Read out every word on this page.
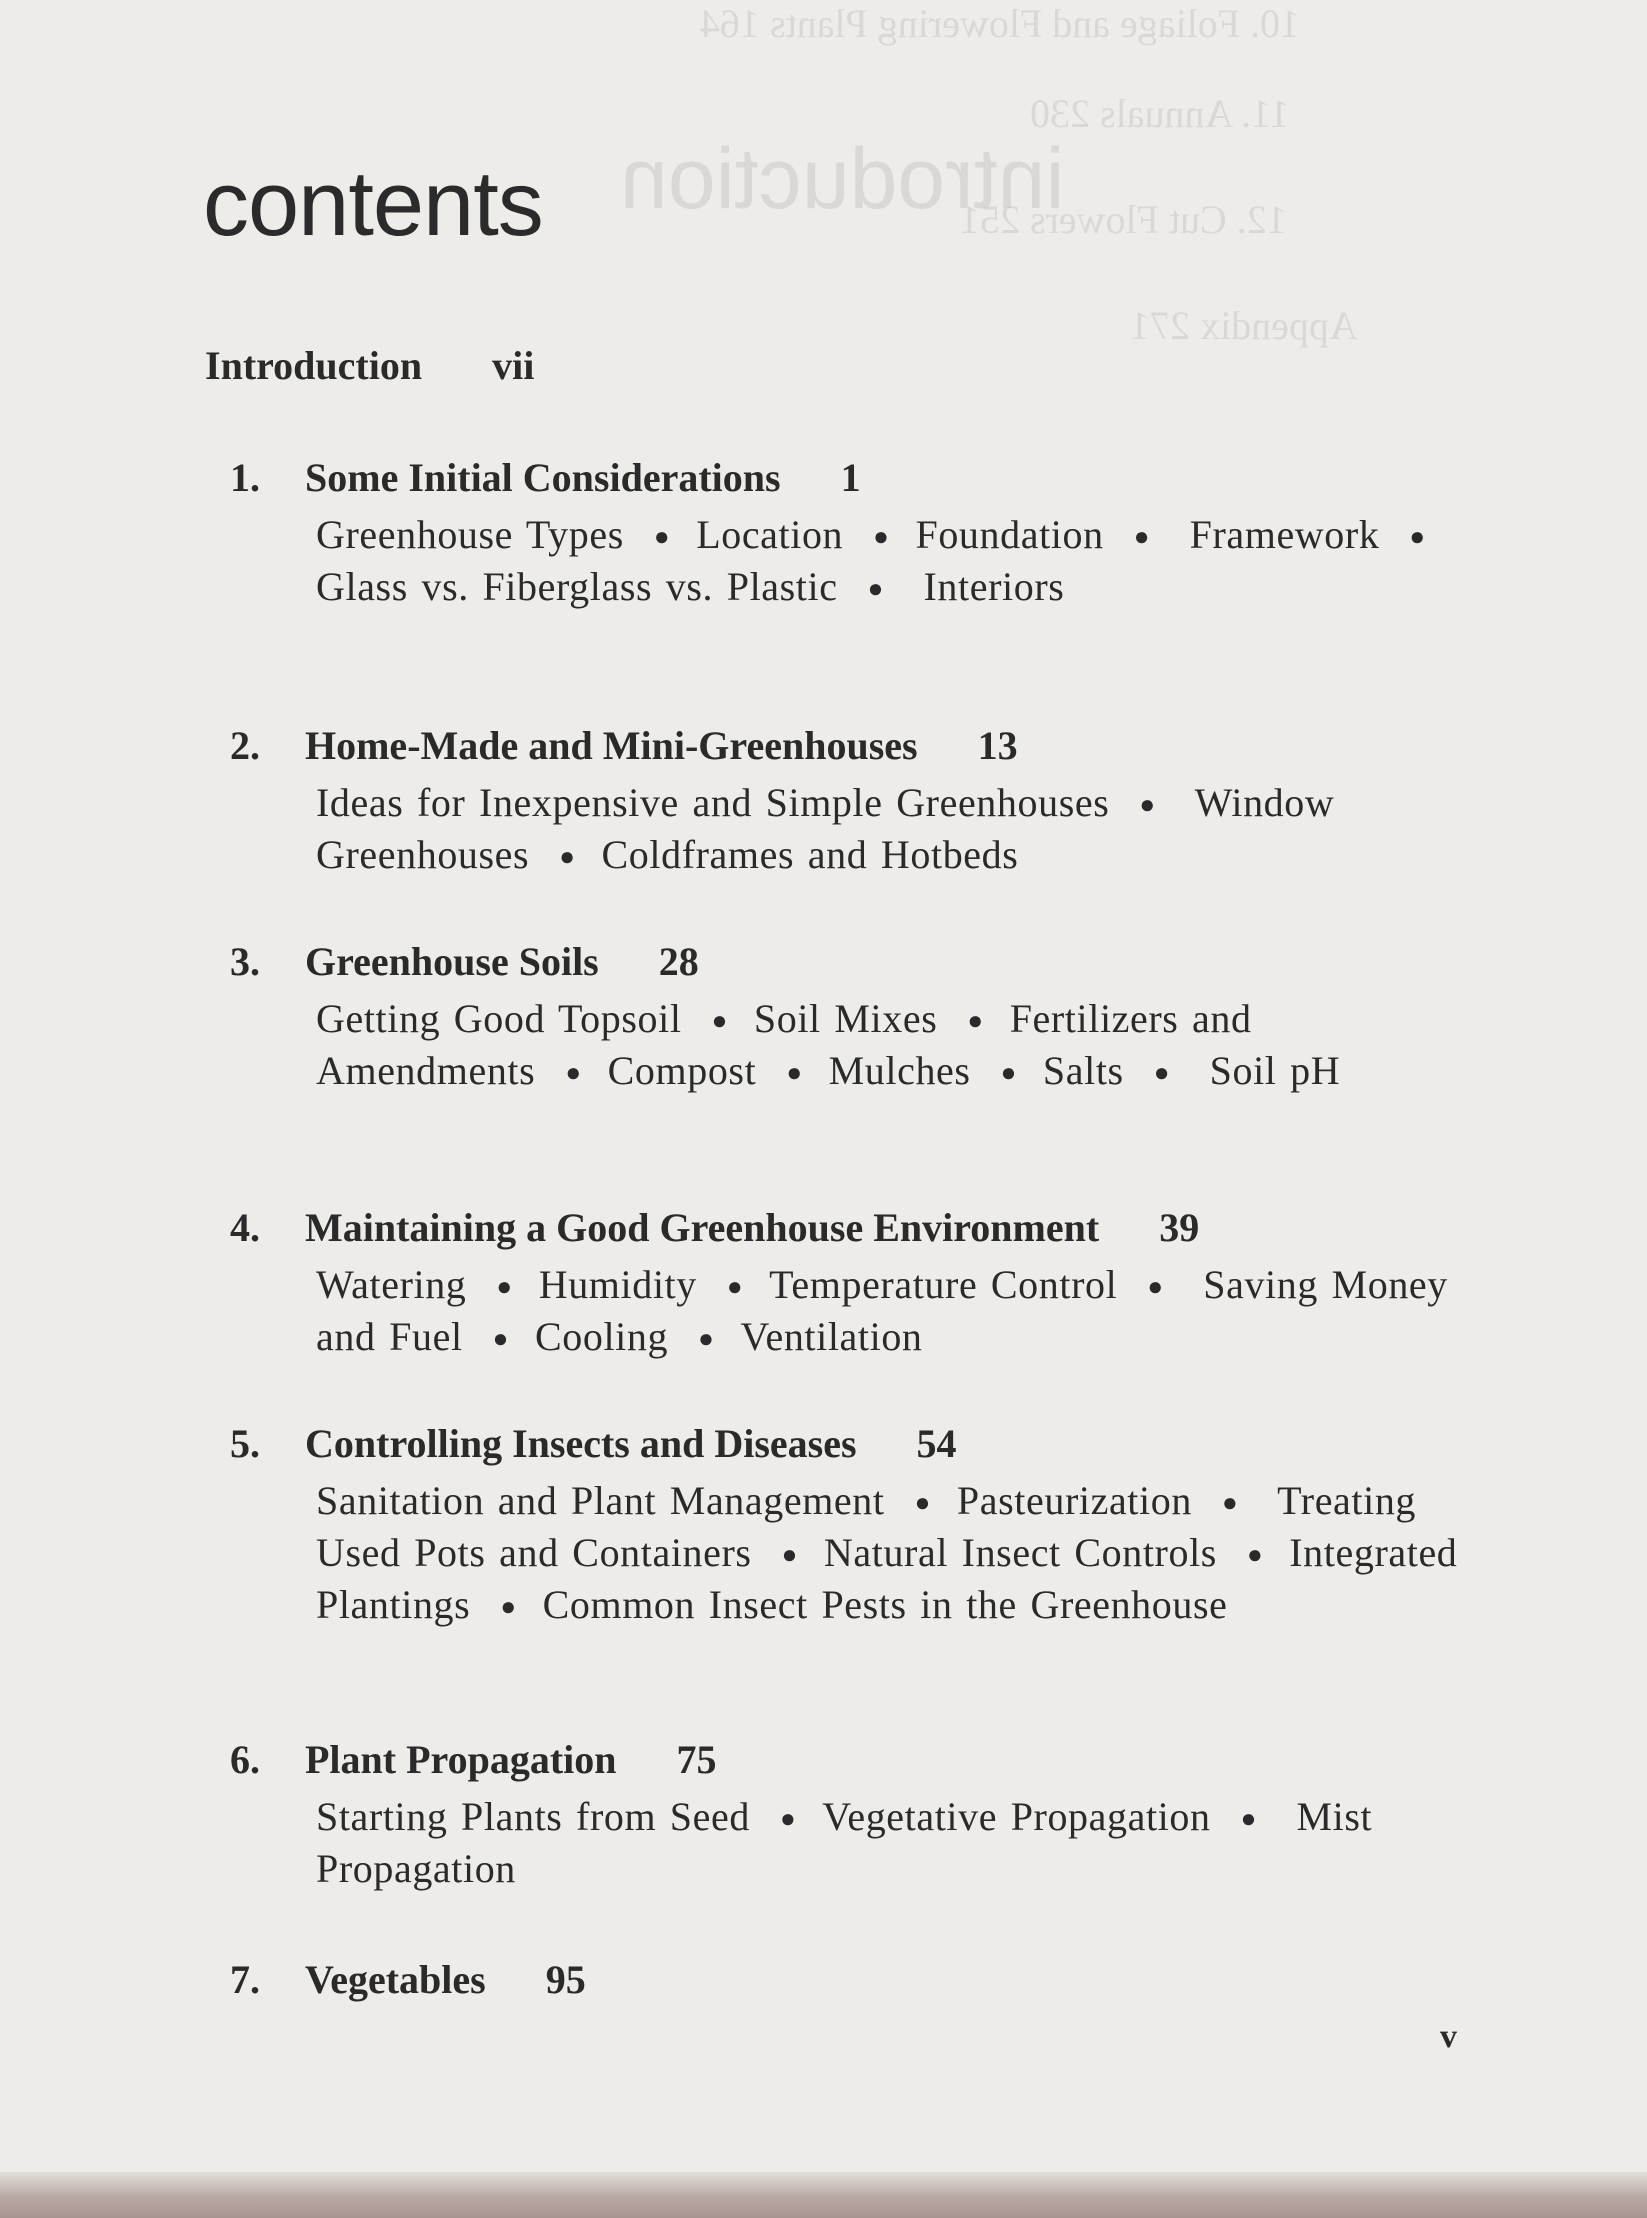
10. Foliage and Flowering Plants 164
11. Annuals 230
12. Cut Flowers 251
introduction
Appendix 271
contents
Introduction vii
1. Some Initial Considerations 1
Greenhouse Types ● Location ● Foundation ● Framework ●Glass vs. Fiberglass vs. Plastic ● Interiors
2. Home-Made and Mini-Greenhouses 13
Ideas for Inexpensive and Simple Greenhouses ● Window Greenhouses ● Coldframes and Hotbeds
3. Greenhouse Soils 28
Getting Good Topsoil ● Soil Mixes ● Fertilizers and Amendments ● Compost ● Mulches ● Salts ● Soil pH
4. Maintaining a Good Greenhouse Environment 39
Watering ● Humidity ● Temperature Control ● Saving Money and Fuel ● Cooling ● Ventilation
5. Controlling Insects and Diseases 54
Sanitation and Plant Management ● Pasteurization ● Treating Used Pots and Containers ● Natural Insect Controls ● Integrated Plantings ● Common Insect Pests in the Greenhouse
6. Plant Propagation 75
Starting Plants from Seed ● Vegetative Propagation ● Mist Propagation
7. Vegetables 95
v
